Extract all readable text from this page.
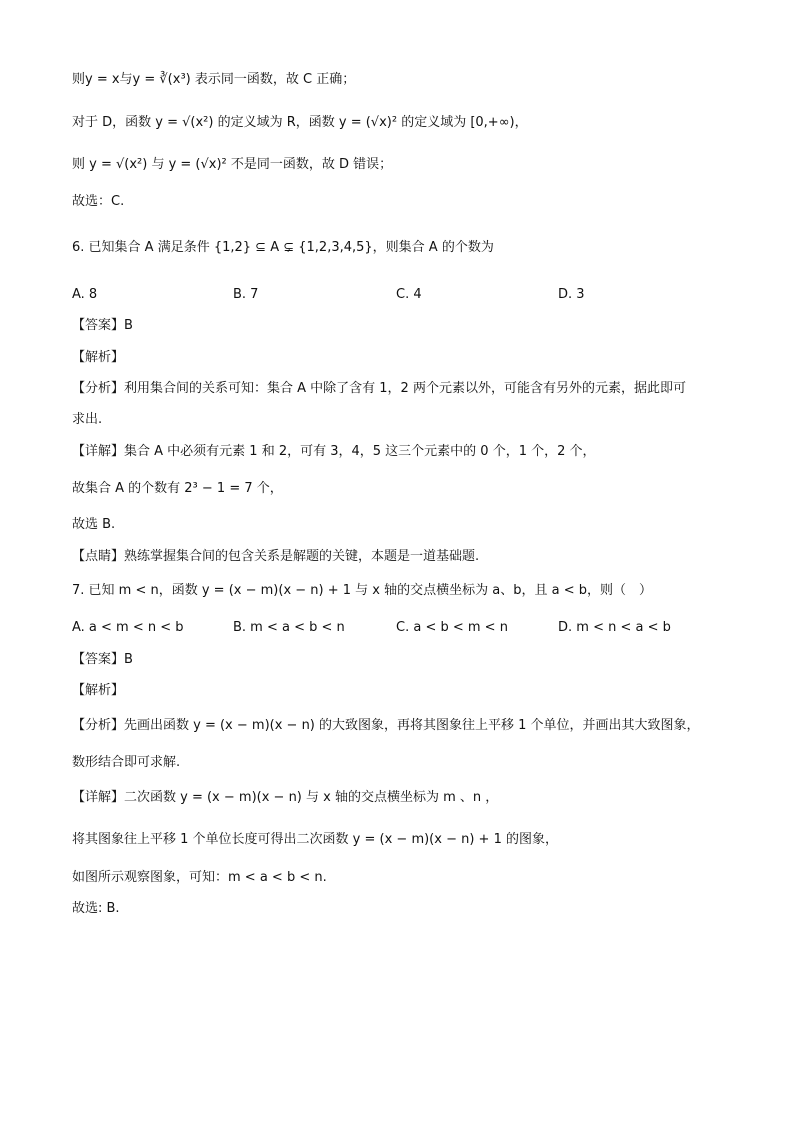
则y = x与y = ∛(x³) 表示同一函数，故 C 正确；
对于 D，函数 y = √(x²) 的定义域为 R，函数 y = (√x)² 的定义域为 [0,+∞)，
则 y = √(x²) 与 y = (√x)² 不是同一函数，故 D 错误；
故选：C.
6. 已知集合 A 满足条件 {1,2} ⊆ A ⊊ {1,2,3,4,5}，则集合 A 的个数为
A. 8	B. 7	C. 4	D. 3
【答案】B
【解析】
【分析】利用集合间的关系可知：集合 A 中除了含有 1，2 两个元素以外，可能含有另外的元素，据此即可
求出.
【详解】集合 A 中必须有元素 1 和 2，可有 3，4，5 这三个元素中的 0 个，1 个，2 个，
故集合 A 的个数有 2³ − 1 = 7 个，
故选 B.
【点睛】熟练掌握集合间的包含关系是解题的关键，本题是一道基础题.
7. 已知 m < n，函数 y = (x − m)(x − n) + 1 与 x 轴的交点横坐标为 a、b，且 a < b，则（　）
A. a < m < n < b	B. m < a < b < n	C. a < b < m < n	D. m < n < a < b
【答案】B
【解析】
【分析】先画出函数 y = (x − m)(x − n) 的大致图象，再将其图象往上平移 1 个单位，并画出其大致图象，
数形结合即可求解.
【详解】二次函数 y = (x − m)(x − n) 与 x 轴的交点横坐标为 m 、n ，
将其图象往上平移 1 个单位长度可得出二次函数 y = (x − m)(x − n) + 1 的图象，
如图所示观察图象，可知：m < a < b < n.
故选: B.
